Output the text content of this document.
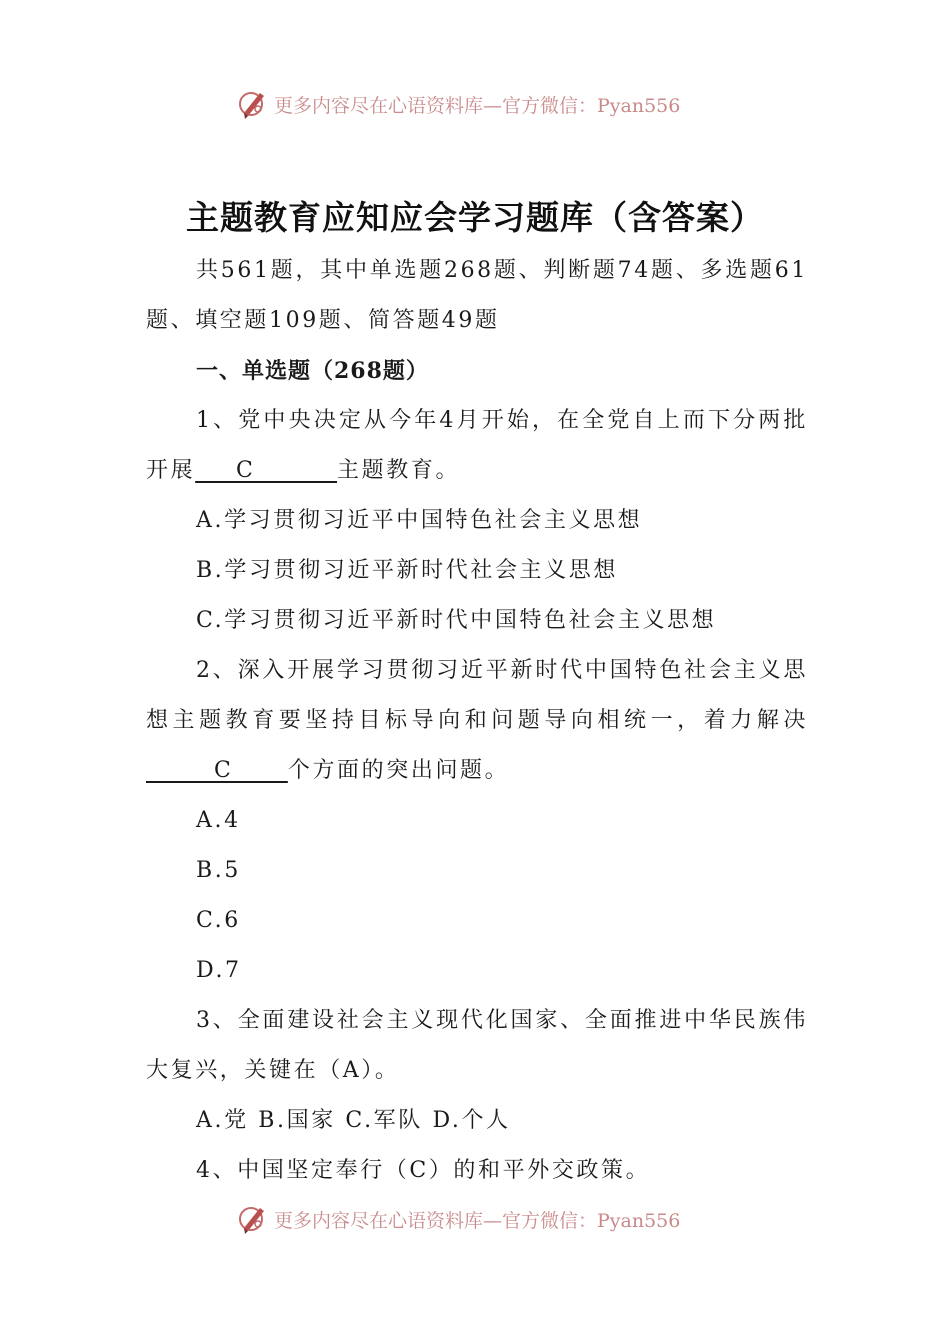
更多内容尽在心语资料库—官方微信：Pyan556
主题教育应知应会学习题库（含答案）

共561题，其中单选题268题、判断题74题、多选题61题、填空题109题、简答题49题

一、单选题（268题）

1、党中央决定从今年4月开始，在全党自上而下分两批开展___C______主题教育。

A.学习贯彻习近平中国特色社会主义思想

B.学习贯彻习近平新时代社会主义思想

C.学习贯彻习近平新时代中国特色社会主义思想

2、深入开展学习贯彻习近平新时代中国特色社会主义思想主题教育要坚持目标导向和问题导向相统一，着力解决_____C____个方面的突出问题。

A.4

B.5

C.6

D.7

3、全面建设社会主义现代化国家、全面推进中华民族伟大复兴，关键在（A）。

A.党 B.国家 C.军队 D.个人

4、中国坚定奉行（C）的和平外交政策。

更多内容尽在心语资料库—官方微信：Pyan556
